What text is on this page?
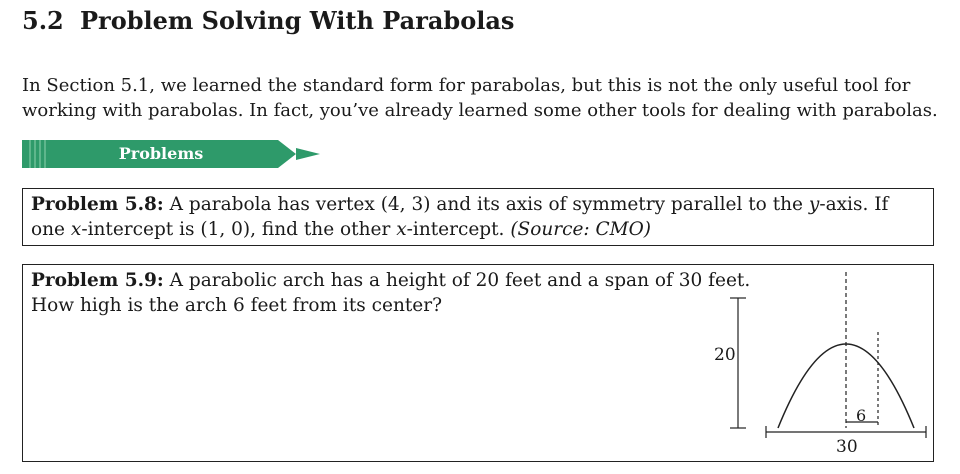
5.2 Problem Solving With Parabolas
In Section 5.1, we learned the standard form for parabolas, but this is not the only useful tool for working with parabolas. In fact, you’ve already learned some other tools for dealing with parabolas.
Problems
Problem 5.8: A parabola has vertex (4, 3) and its axis of symmetry parallel to the y-axis. If one x-intercept is (1, 0), find the other x-intercept. (Source: CMO)
Problem 5.9: A parabolic arch has a height of 20 feet and a span of 30 feet.
How high is the arch 6 feet from its center?
20
6
30
